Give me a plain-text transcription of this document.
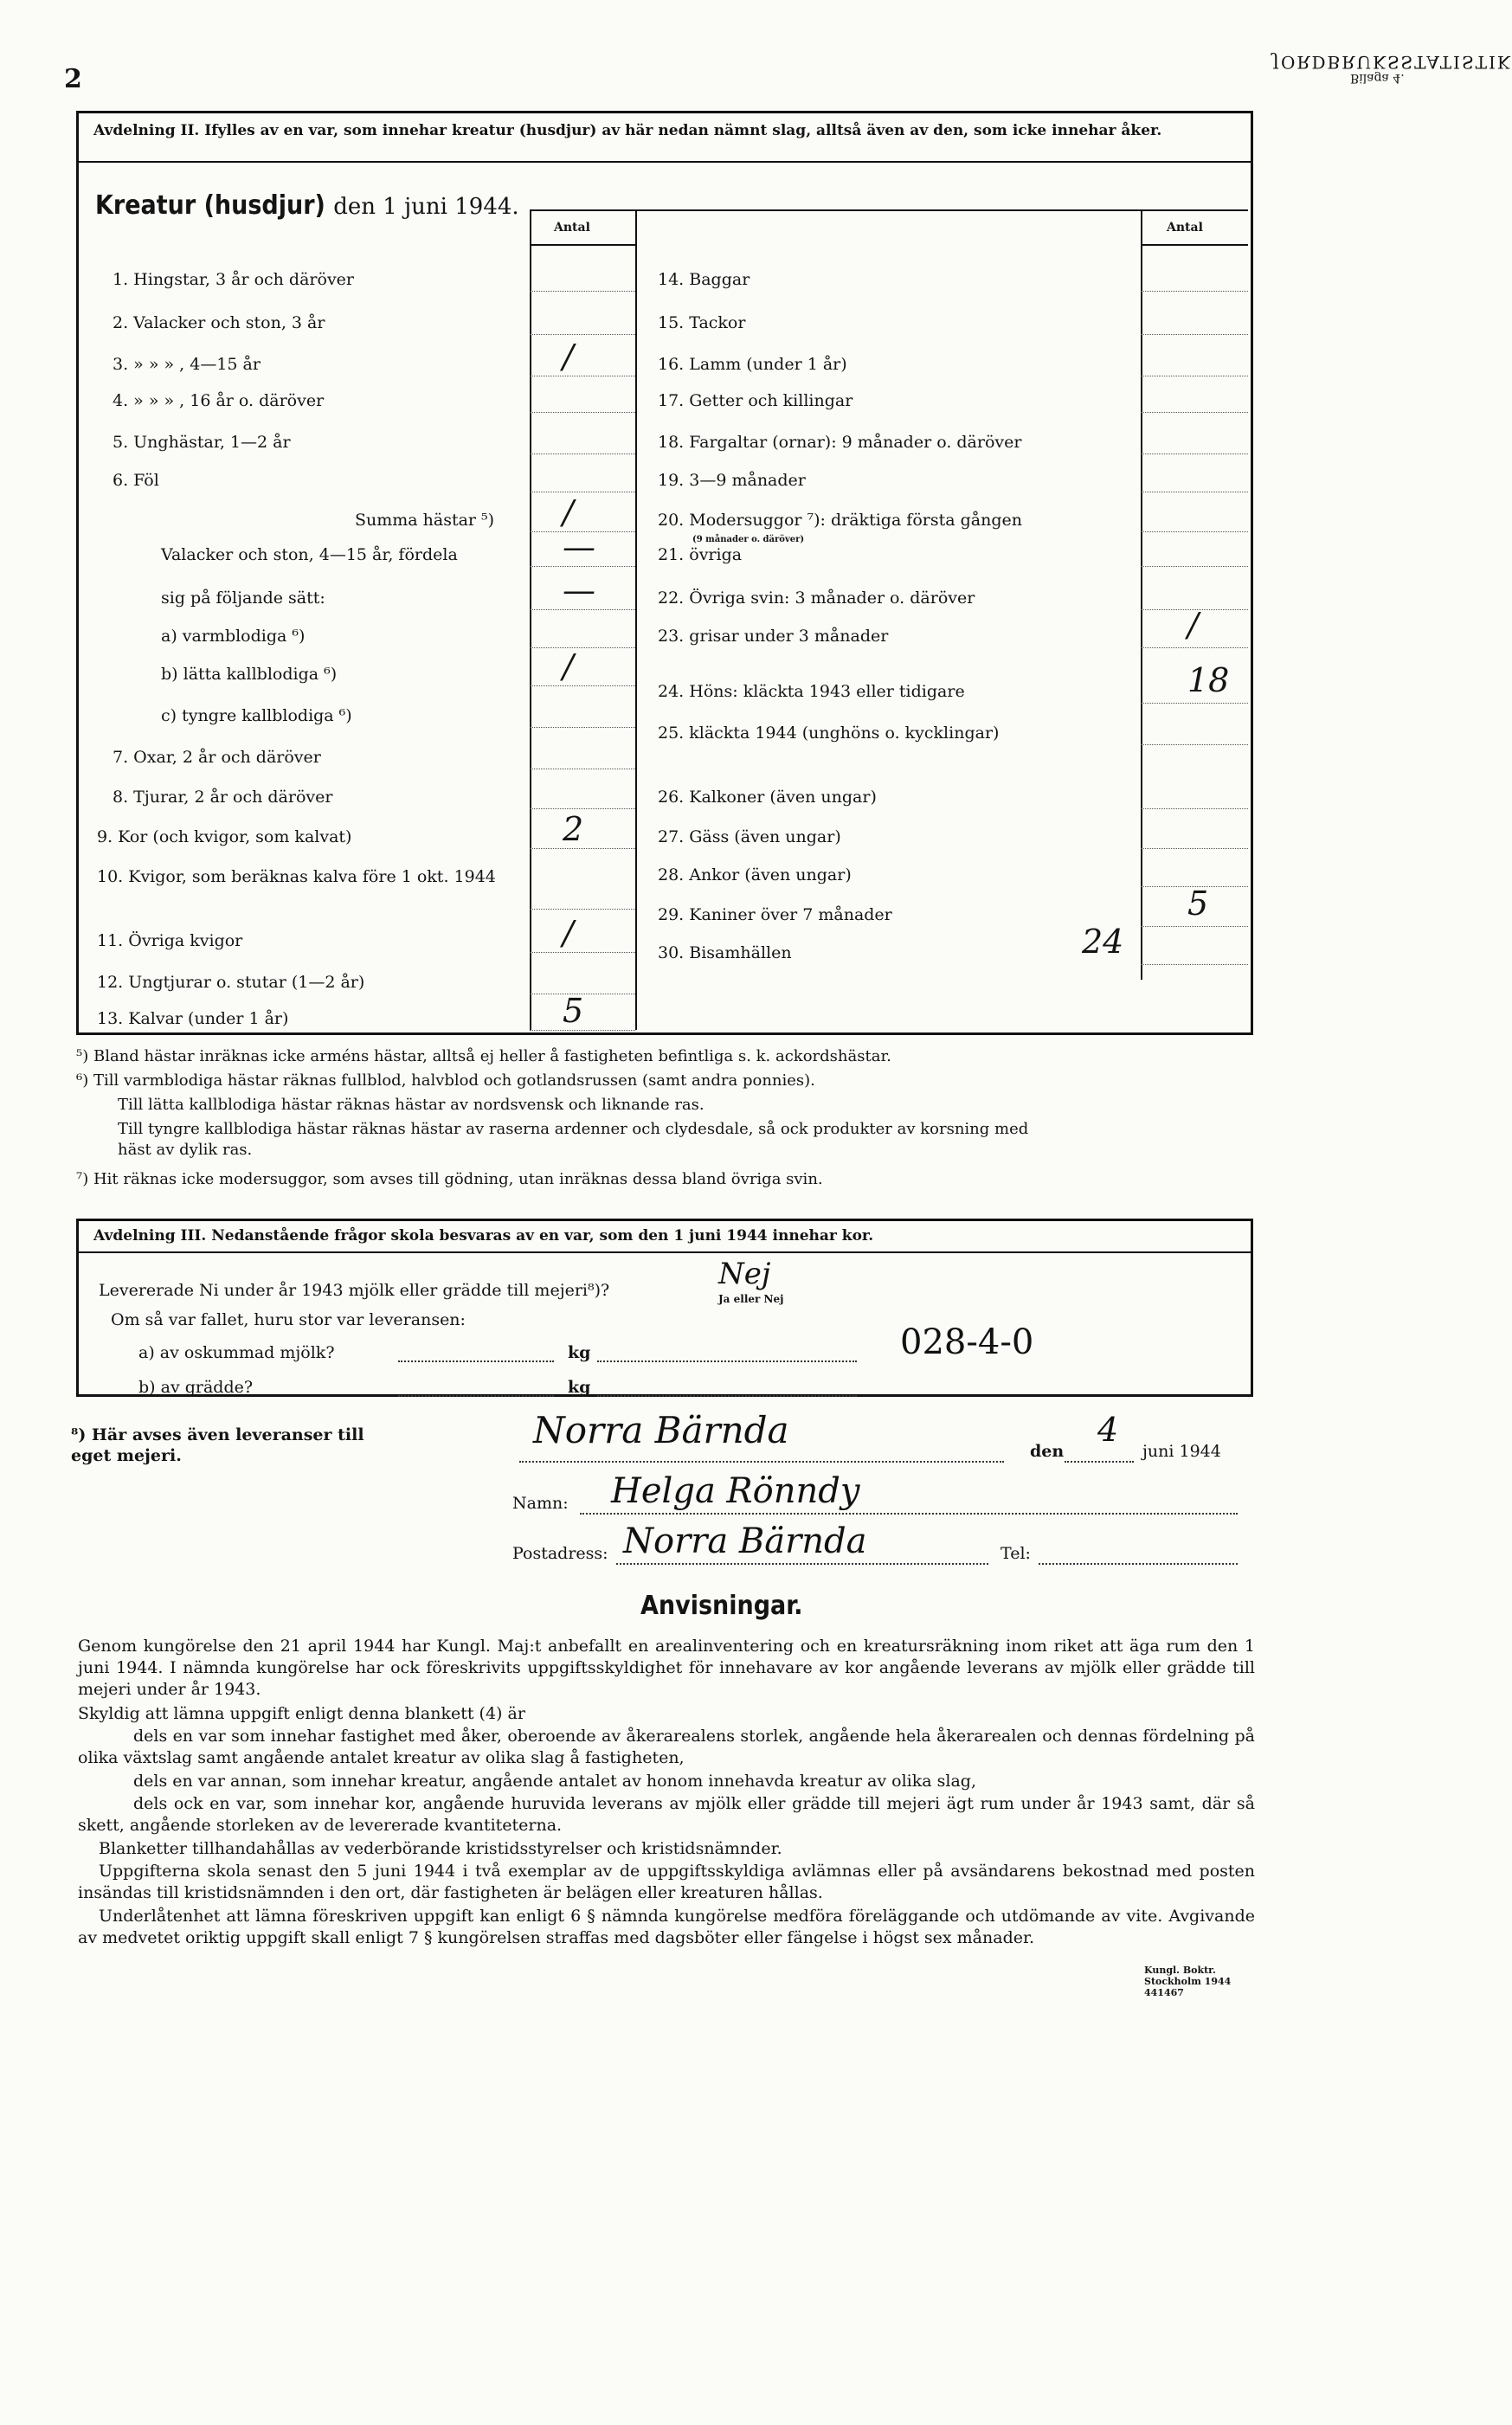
2
JORDBRUKSSTATISTIK
Bilaga 4.
Avdelning II. Ifylles av en var, som innehar kreatur (husdjur) av här nedan nämnt slag, alltså även av den, som icke innehar åker.
Kreatur (husdjur) den 1 juni 1944.
Antal	Antal
1. Hingstar, 3 år och däröver
2. Valacker och ston, 3 år
3. » » » , 4—15 år	/
4. » » » , 16 år o. däröver
5. Unghästar, 1—2 år
6. Föl
Summa hästar ⁵) /
Valacker och ston, 4—15 år, fördela	—
sig på följande sätt:	—
a) varmblodiga ⁶)
b) lätta kallblodiga ⁶)	/
c) tyngre kallblodiga ⁶)
7. Oxar, 2 år och däröver
8. Tjurar, 2 år och däröver
9. Kor (och kvigor, som kalvat)	2
10. Kvigor, som beräknas kalva före 1 okt. 1944
11. Övriga kvigor	/
12. Ungtjurar o. stutar (1—2 år)
13. Kalvar (under 1 år)	5
14. Baggar
15. Tackor
16. Lamm (under 1 år)
17. Getter och killingar
18. Fargaltar (ornar): 9 månader o. däröver
19. 3—9 månader
20. Modersuggor ⁷): dräktiga första gången
21. övriga
22. Övriga svin: 3 månader o. däröver
23. grisar under 3 månader	/
24. Höns: kläckta 1943 eller tidigare	18
25. kläckta 1944 (unghöns o. kycklingar)
26. Kalkoner (även ungar)
27. Gäss (även ungar)
28. Ankor (även ungar)
29. Kaniner över 7 månader	5
30. Bisamhällen	24
(9 månader o. däröver)
⁵) Bland hästar inräknas icke arméns hästar, alltså ej heller å fastigheten befintliga s. k. ackordshästar.
⁶) Till varmblodiga hästar räknas fullblod, halvblod och gotlandsrussen (samt andra ponnies).
Till lätta kallblodiga hästar räknas hästar av nordsvensk och liknande ras.
Till tyngre kallblodiga hästar räknas hästar av raserna ardenner och clydesdale, så ock produkter av korsning med
häst av dylik ras.
⁷) Hit räknas icke modersuggor, som avses till gödning, utan inräknas dessa bland övriga svin.
Avdelning III. Nedanstående frågor skola besvaras av en var, som den 1 juni 1944 innehar kor.
Levererade Ni under år 1943 mjölk eller grädde till mejeri⁸)?	Nej
Ja eller Nej
Om så var fallet, huru stor var leveransen:
a) av oskummad mjölk?	kg	028-4-0
b) av grädde?	kg
⁸) Här avses även leveranser till eget mejeri.
Norra Bärnda	den
4
juni 1944
Namn: Helga Rönndy
Postadress: Norra Bärnda	Tel:
Anvisningar.
Genom kungörelse den 21 april 1944 har Kungl. Maj:t anbefallt en arealinventering och en kreatursräkning inom riket att äga rum den 1 juni 1944. I nämnda kungörelse har ock föreskrivits uppgiftsskyldighet för innehavare av kor angående leverans av mjölk eller grädde till mejeri under år 1943.
Skyldig att lämna uppgift enligt denna blankett (4) är
dels en var som innehar fastighet med åker, oberoende av åkerarealens storlek, angående hela åkerarealen och dennas fördelning på olika växtslag samt angående antalet kreatur av olika slag å fastigheten,
dels en var annan, som innehar kreatur, angående antalet av honom innehavda kreatur av olika slag,
dels ock en var, som innehar kor, angående huruvida leverans av mjölk eller grädde till mejeri ägt rum under år 1943 samt, där så skett, angående storleken av de levererade kvantiteterna.
Blanketter tillhandahållas av vederbörande kristidsstyrelser och kristidsnämnder.
Uppgifterna skola senast den 5 juni 1944 i två exemplar av de uppgiftsskyldiga avlämnas eller på avsändarens bekostnad med posten insändas till kristidsnämnden i den ort, där fastigheten är belägen eller kreaturen hållas.
Underlåtenhet att lämna föreskriven uppgift kan enligt 6 § nämnda kungörelse medföra föreläggande och utdömande av vite. Avgivande av medvetet oriktig uppgift skall enligt 7 § kungörelsen straffas med dagsböter eller fängelse i högst sex månader.
Kungl. Boktr. Stockholm 1944 441467
